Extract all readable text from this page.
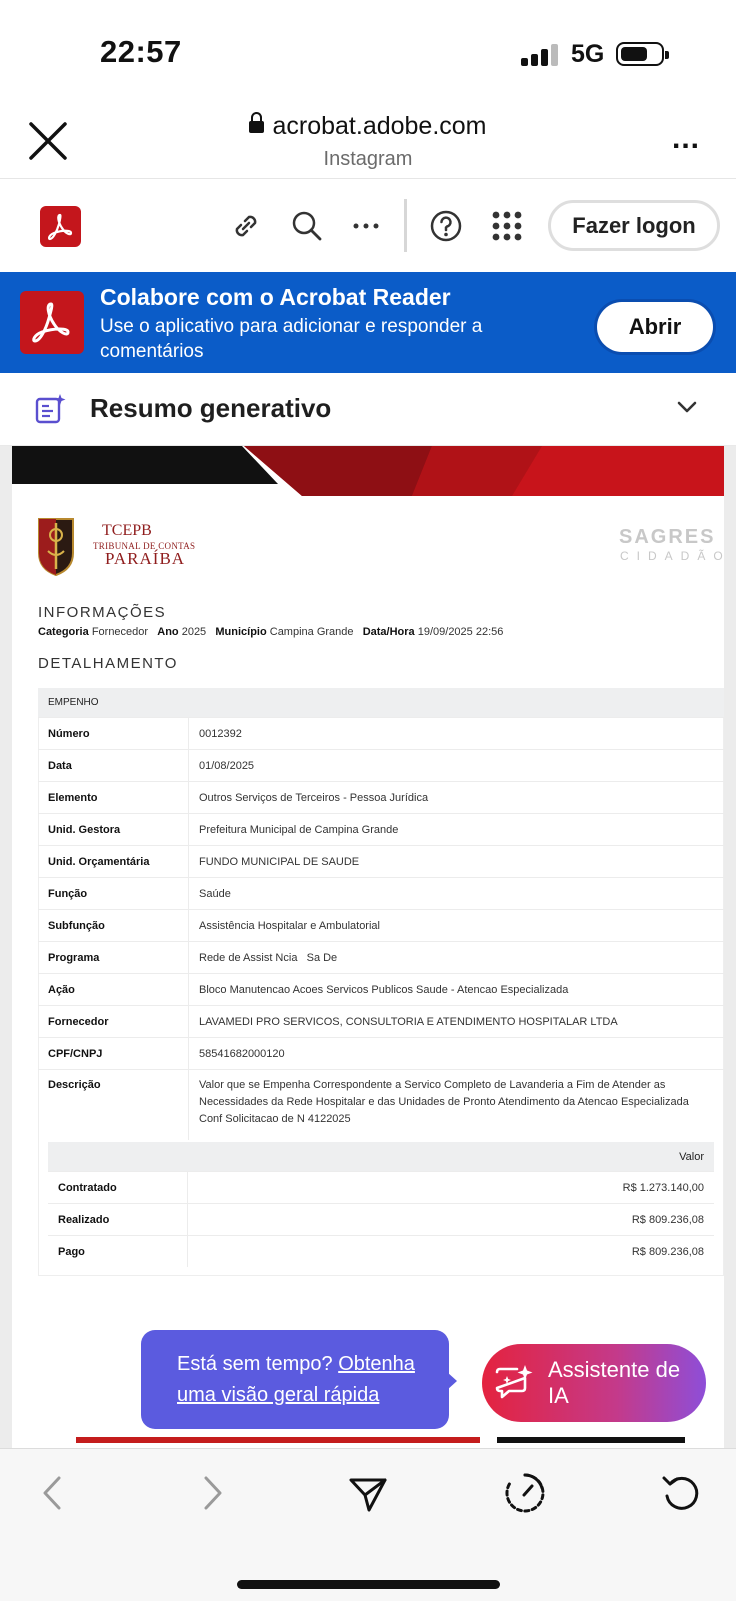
22:57	5G
acrobat.adobe.com
Instagram
...
Fazer logon
Colabore com o Acrobat Reader
Use o aplicativo para adicionar e responder a comentários
Abrir
Resumo generativo
TCEPB
TRIBUNAL DE CONTAS
PARAÍBA
SAGRES
CIDADÃO
INFORMAÇÕES
Categoria Fornecedor Ano 2025 Município Campina Grande Data/Hora 19/09/2025 22:56
DETALHAMENTO
EMPENHO	
Número	0012392
Data	01/08/2025
Elemento	Outros Serviços de Terceiros - Pessoa Jurídica
Unid. Gestora	Prefeitura Municipal de Campina Grande
Unid. Orçamentária	FUNDO MUNICIPAL DE SAUDE
Função	Saúde
Subfunção	Assistência Hospitalar e Ambulatorial
Programa	Rede de Assist Ncia   Sa De
Ação	Bloco Manutencao Acoes Servicos Publicos Saude - Atencao Especializada
Fornecedor	LAVAMEDI PRO SERVICOS, CONSULTORIA E ATENDIMENTO HOSPITALAR LTDA
CPF/CNPJ	58541682000120
Descrição	Valor que se Empenha Correspondente a Servico Completo de Lavanderia a Fim de Atender as Necessidades da Rede Hospitalar e das Unidades de Pronto Atendimento da Atencao Especializada Conf Solicitacao de N 4122025
Valor	
Contratado	R$ 1.273.140,00
Realizado	R$ 809.236,08
Pago	R$ 809.236,08
Está sem tempo? Obtenha uma visão geral rápida
Assistente de IA
